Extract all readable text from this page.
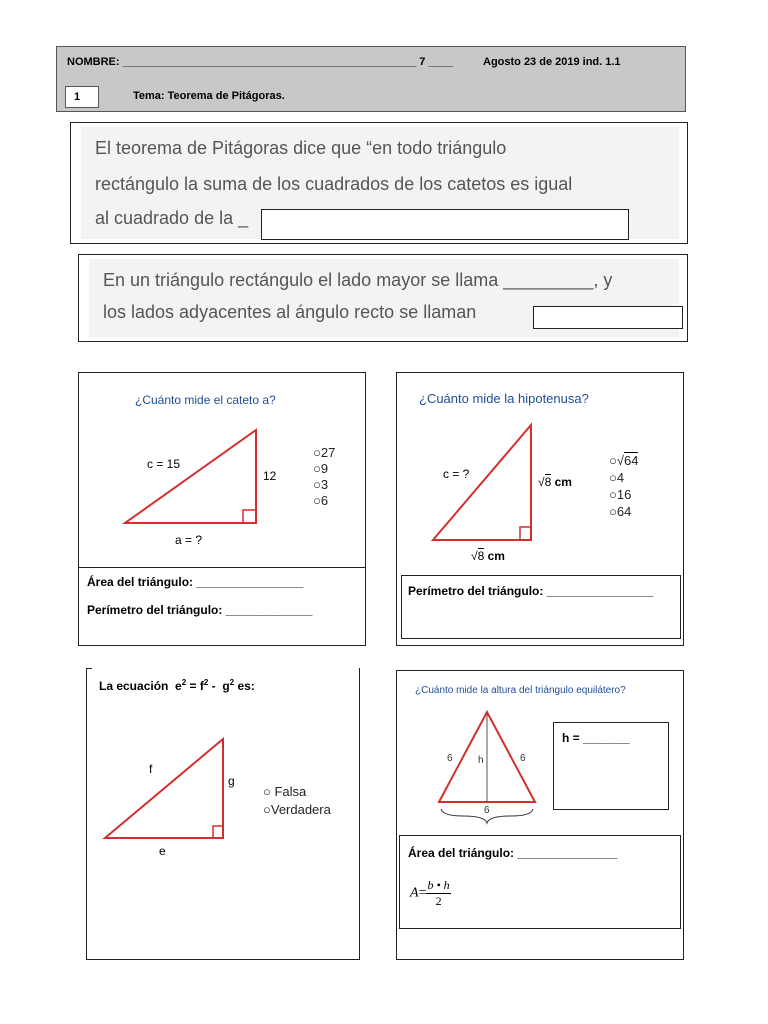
NOMBRE: ________________________________________________ 7 ____	Agosto 23 de 2019 ind. 1.1
1	Tema: Teorema de Pitágoras.
El teorema de Pitágoras dice que “en todo triángulo
rectángulo la suma de los cuadrados de los catetos es igual
al cuadrado de la _
En un triángulo rectángulo el lado mayor se llama _________, y
los lados adyacentes al ángulo recto se llaman
¿Cuánto mide el cateto a?
c = 15
12
a = ?
○27
○9
○3
○6
Área del triángulo: ________________
Perímetro del triángulo: _____________
¿Cuánto mide la hipotenusa?
c = ?
√8 cm
√8 cm
○√64
○4
○16
○64
Perímetro del triángulo: ________________
La ecuación $e^2 = f^2 - g^2$ es:
f
g
e
○ Falsa
○Verdadera
¿Cuánto mide la altura del triángulo equilátero?
6	6
h
6
h = _______
Área del triángulo: _______________
$A= \frac{b • h}{2}$
